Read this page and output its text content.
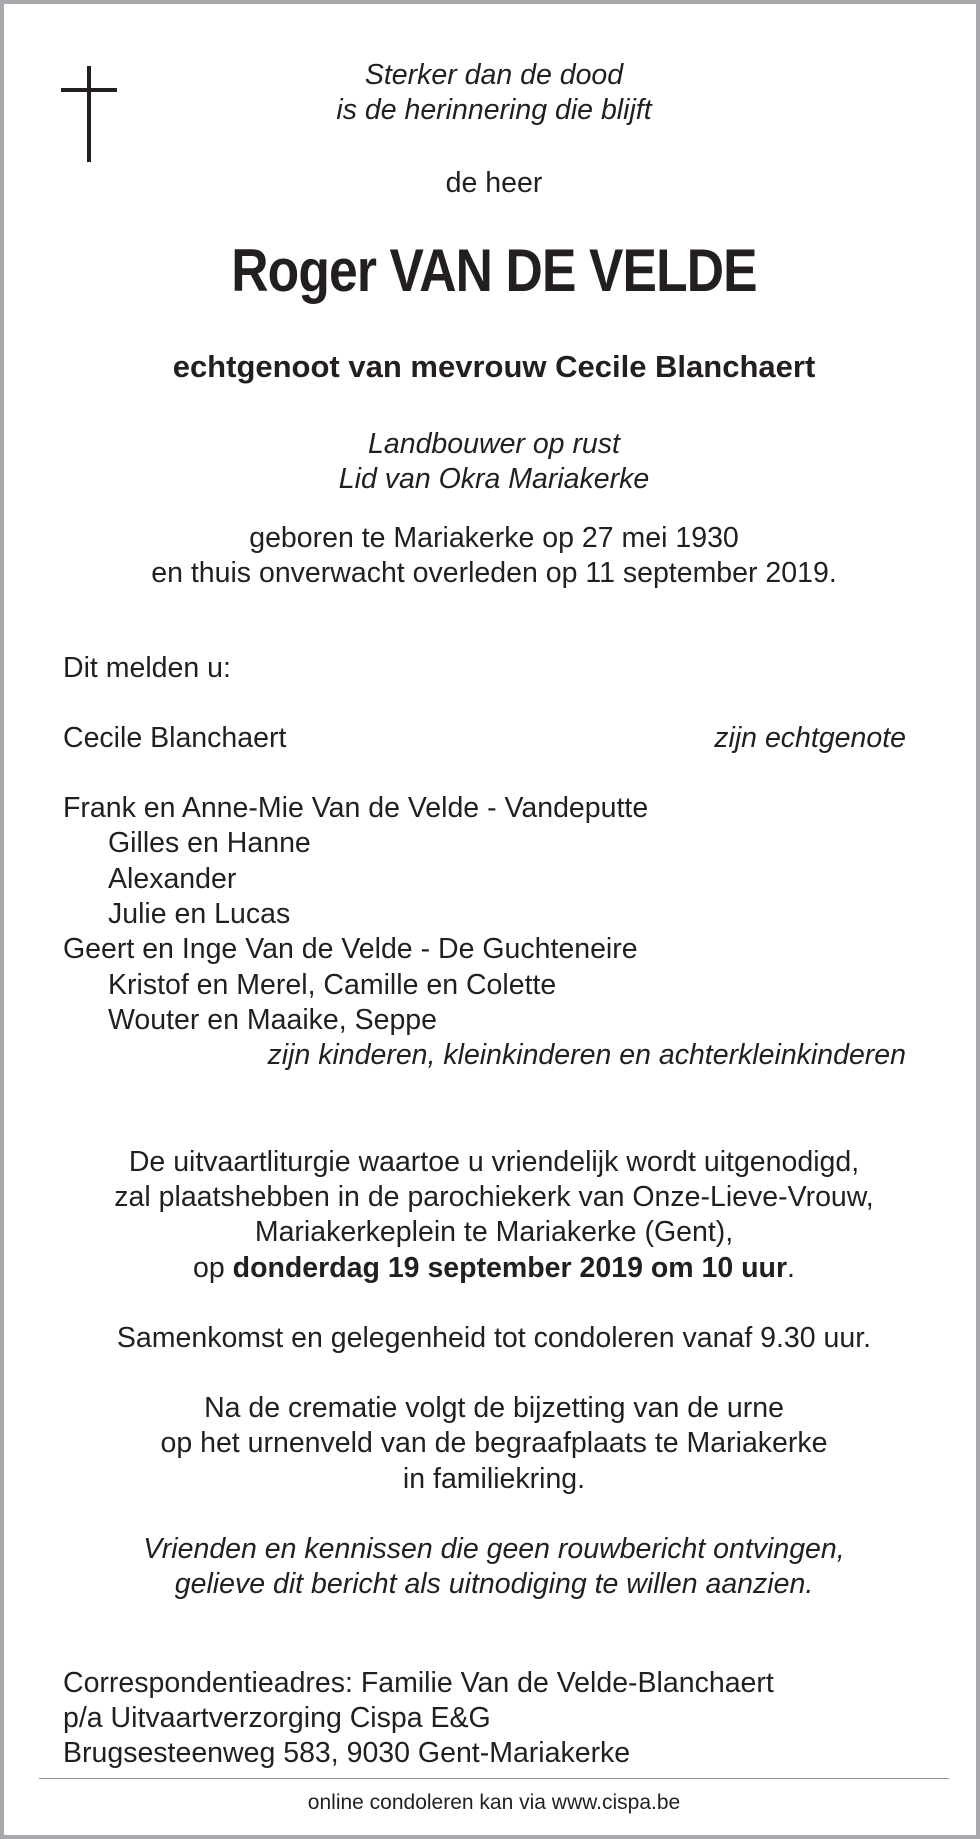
Sterker dan de dood
is de herinnering die blijft
de heer
Roger VAN DE VELDE
echtgenoot van mevrouw Cecile Blanchaert
Landbouwer op rust
Lid van Okra Mariakerke
geboren te Mariakerke op 27 mei 1930
en thuis onverwacht overleden op 11 september 2019.
Dit melden u:
Cecile Blanchaert	zijn echtgenote
Frank en Anne-Mie Van de Velde - Vandeputte
Gilles en Hanne
Alexander
Julie en Lucas
Geert en Inge Van de Velde - De Guchteneire
Kristof en Merel, Camille en Colette
Wouter en Maaike, Seppe
zijn kinderen, kleinkinderen en achterkleinkinderen
De uitvaartliturgie waartoe u vriendelijk wordt uitgenodigd,
zal plaatshebben in de parochiekerk van Onze-Lieve-Vrouw,
Mariakerkeplein te Mariakerke (Gent),
op donderdag 19 september 2019 om 10 uur.
Samenkomst en gelegenheid tot condoleren vanaf 9.30 uur.
Na de crematie volgt de bijzetting van de urne
op het urnenveld van de begraafplaats te Mariakerke
in familiekring.
Vrienden en kennissen die geen rouwbericht ontvingen,
gelieve dit bericht als uitnodiging te willen aanzien.
Correspondentieadres: Familie Van de Velde-Blanchaert
p/a Uitvaartverzorging Cispa E&G
Brugsesteenweg 583, 9030 Gent-Mariakerke
online condoleren kan via www.cispa.be
